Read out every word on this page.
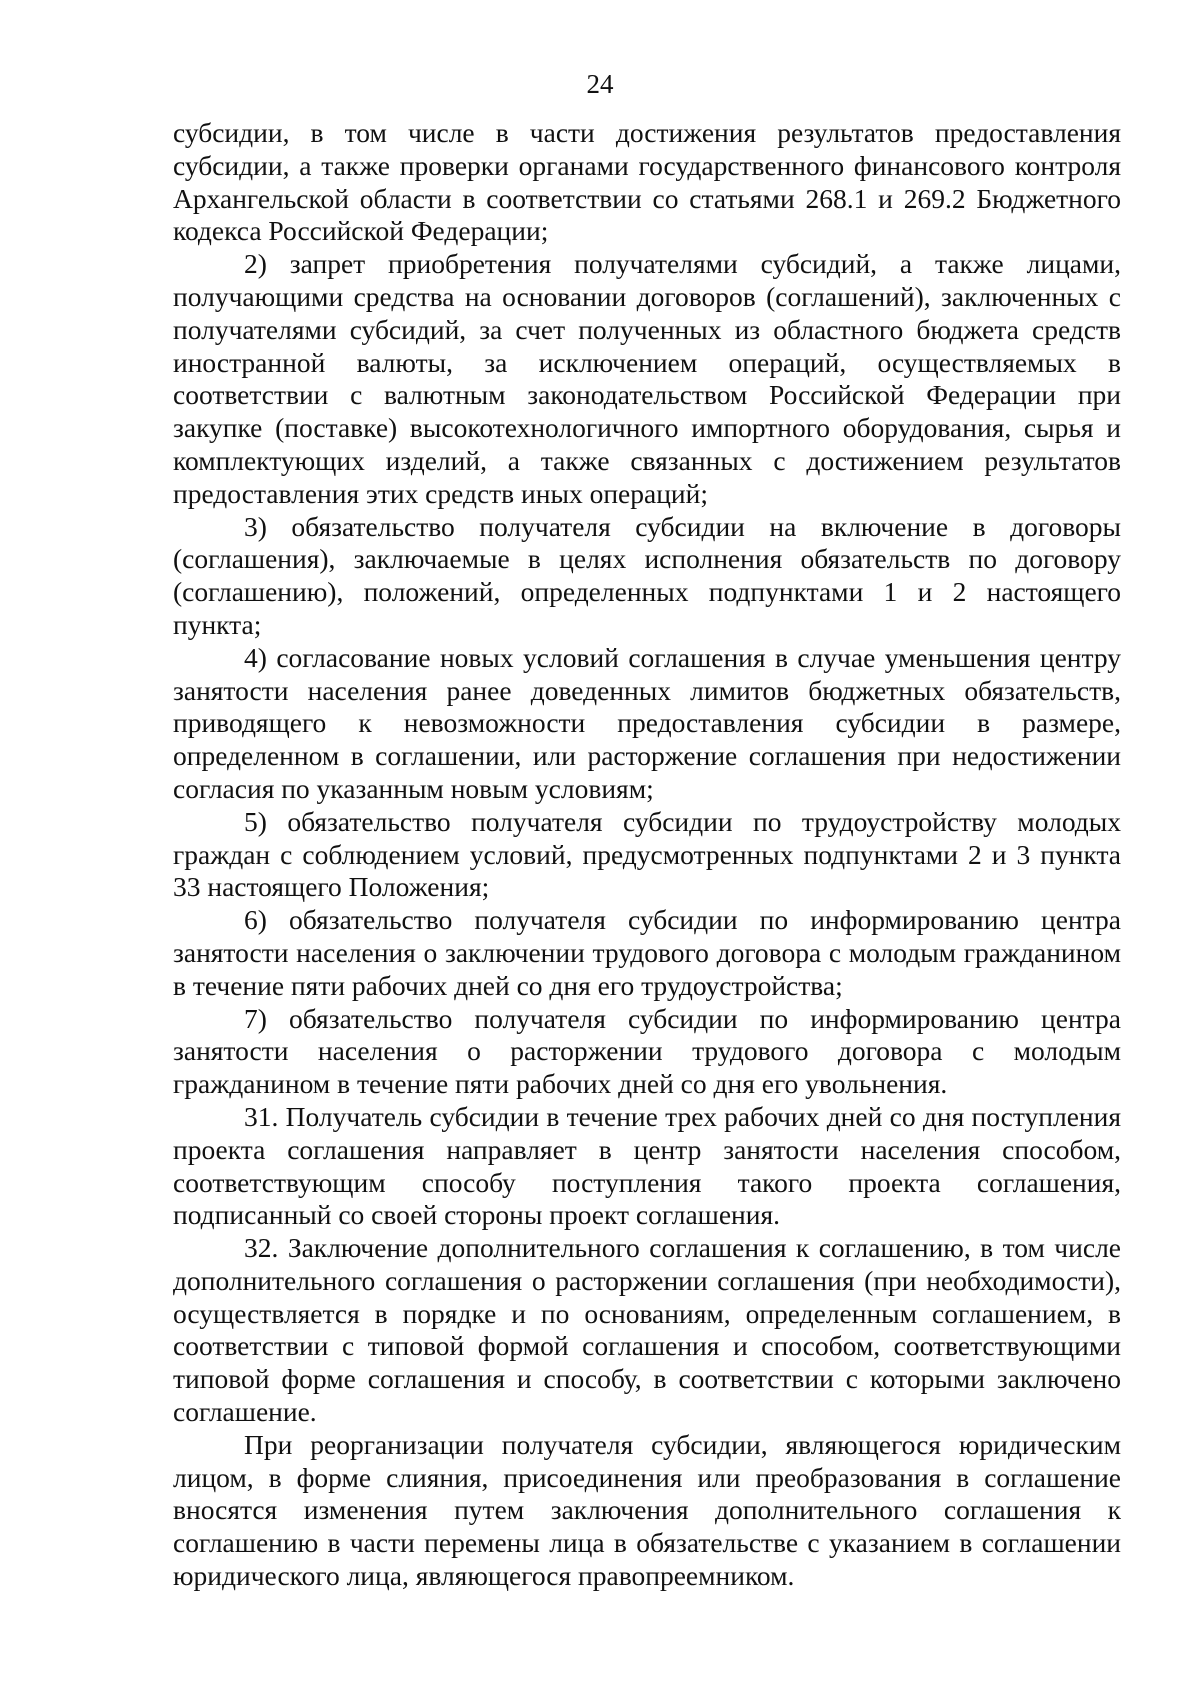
24

субсидии, в том числе в части достижения результатов предоставления субсидии, а также проверки органами государственного финансового контроля Архангельской области в соответствии со статьями 268.1 и 269.2 Бюджетного кодекса Российской Федерации;

2) запрет приобретения получателями субсидий, а также лицами, получающими средства на основании договоров (соглашений), заключенных с получателями субсидий, за счет полученных из областного бюджета средств иностранной валюты, за исключением операций, осуществляемых в соответствии с валютным законодательством Российской Федерации при закупке (поставке) высокотехнологичного импортного оборудования, сырья и комплектующих изделий, а также связанных с достижением результатов предоставления этих средств иных операций;

3) обязательство получателя субсидии на включение в договоры (соглашения), заключаемые в целях исполнения обязательств по договору (соглашению), положений, определенных подпунктами 1 и 2 настоящего пункта;

4) согласование новых условий соглашения в случае уменьшения центру занятости населения ранее доведенных лимитов бюджетных обязательств, приводящего к невозможности предоставления субсидии в размере, определенном в соглашении, или расторжение соглашения при недостижении согласия по указанным новым условиям;

5) обязательство получателя субсидии по трудоустройству молодых граждан с соблюдением условий, предусмотренных подпунктами 2 и 3 пункта 33 настоящего Положения;

6) обязательство получателя субсидии по информированию центра занятости населения о заключении трудового договора с молодым гражданином в течение пяти рабочих дней со дня его трудоустройства;

7) обязательство получателя субсидии по информированию центра занятости населения о расторжении трудового договора с молодым гражданином в течение пяти рабочих дней со дня его увольнения.

31. Получатель субсидии в течение трех рабочих дней со дня поступления проекта соглашения направляет в центр занятости населения способом, соответствующим способу поступления такого проекта соглашения, подписанный со своей стороны проект соглашения.

32. Заключение дополнительного соглашения к соглашению, в том числе дополнительного соглашения о расторжении соглашения (при необходимости), осуществляется в порядке и по основаниям, определенным соглашением, в соответствии с типовой формой соглашения и способом, соответствующими типовой форме соглашения и способу, в соответствии с которыми заключено соглашение.

При реорганизации получателя субсидии, являющегося юридическим лицом, в форме слияния, присоединения или преобразования в соглашение вносятся изменения путем заключения дополнительного соглашения к соглашению в части перемены лица в обязательстве с указанием в соглашении юридического лица, являющегося правопреемником.
